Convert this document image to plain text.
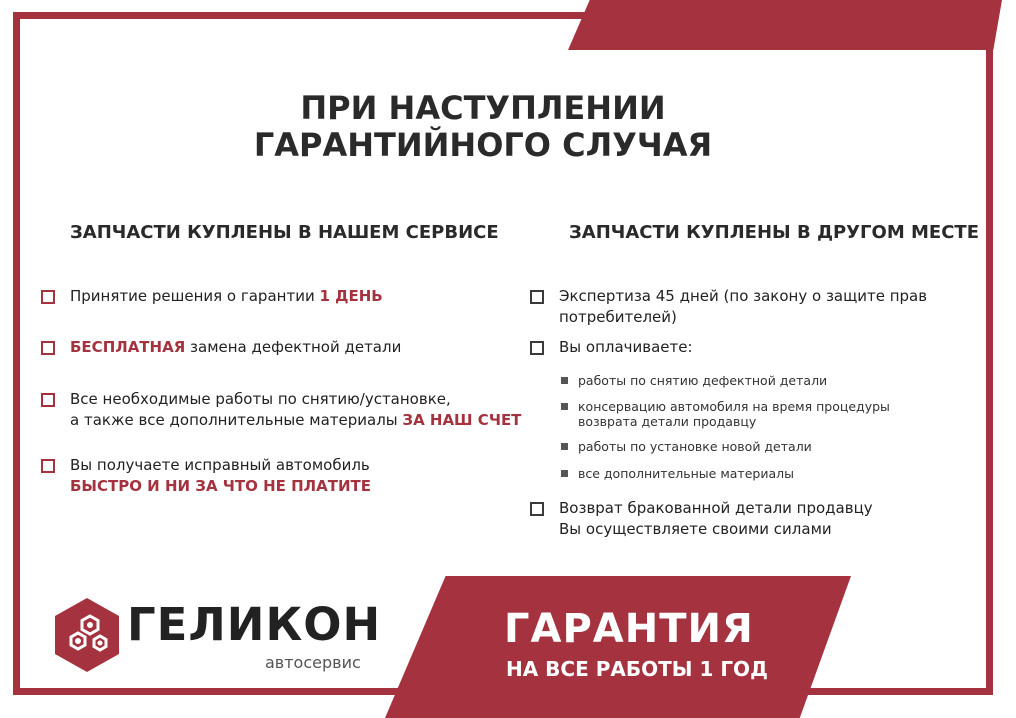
ПРИ НАСТУПЛЕНИИ
ГАРАНТИЙНОГО СЛУЧАЯ
ЗАПЧАСТИ КУПЛЕНЫ В НАШЕМ СЕРВИСЕ
Принятие решения о гарантии 1 ДЕНЬ
БЕСПЛАТНАЯ замена дефектной детали
Все необходимые работы по снятию/установке,
а также все дополнительные материалы ЗА НАШ СЧЕТ
Вы получаете исправный автомобиль
БЫСТРО И НИ ЗА ЧТО НЕ ПЛАТИТЕ
ЗАПЧАСТИ КУПЛЕНЫ В ДРУГОМ МЕСТЕ
Экспертиза 45 дней (по закону о защите прав
потребителей)
Вы оплачиваете:
работы по снятию дефектной детали
консервацию автомобиля на время процедуры
возврата детали продавцу
работы по установке новой детали
все дополнительные материалы
Возврат бракованной детали продавцу
Вы осуществляете своими силами
ГЕЛИКОН
автосервис
ГАРАНТИЯ
НА ВСЕ РАБОТЫ 1 ГОД
